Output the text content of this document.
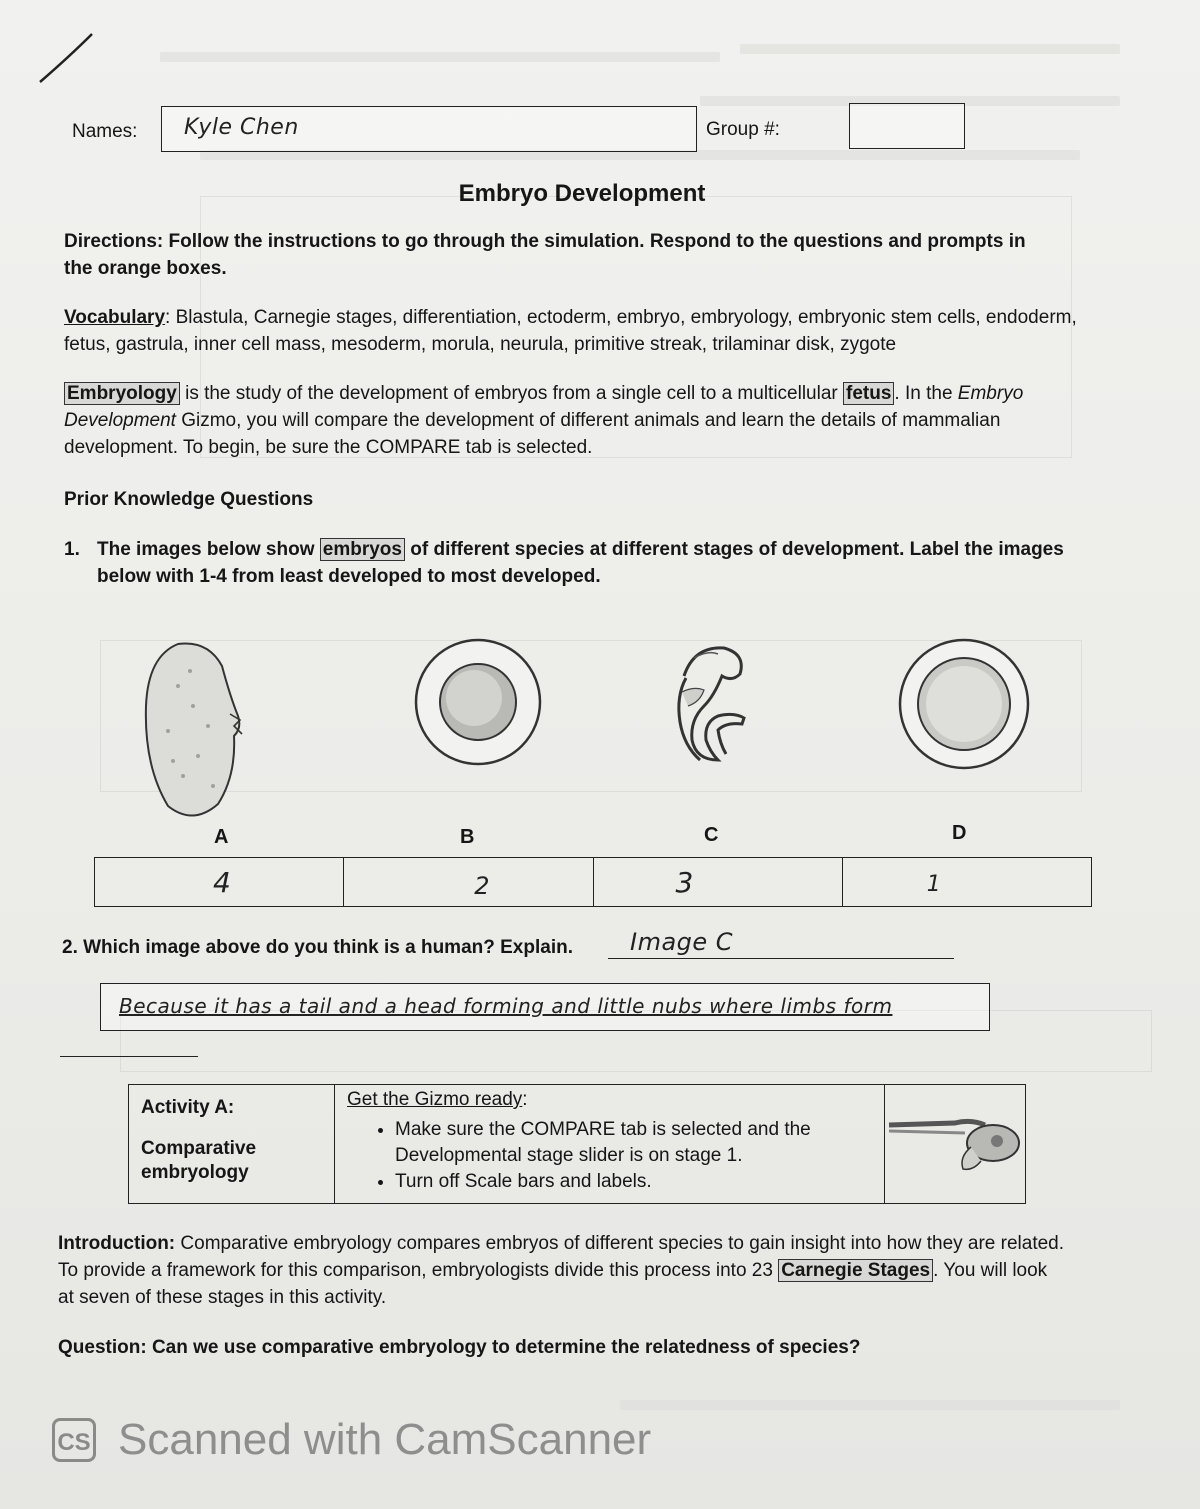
Names: Kyle Chen	Group #:
Embryo Development
Directions: Follow the instructions to go through the simulation. Respond to the questions and prompts in the orange boxes.
Vocabulary: Blastula, Carnegie stages, differentiation, ectoderm, embryo, embryology, embryonic stem cells, endoderm, fetus, gastrula, inner cell mass, mesoderm, morula, neurula, primitive streak, trilaminar disk, zygote
Embryology is the study of the development of embryos from a single cell to a multicellular fetus . In the Embryo Development Gizmo, you will compare the development of different animals and learn the details of mammalian development. To begin, be sure the COMPARE tab is selected.
Prior Knowledge Questions
1. The images below show embryos of different species at different stages of development. Label the images below with 1-4 from least developed to most developed.
A	B	C	D
4	2	3	1
2. Which image above do you think is a human? Explain. Image C
Because it has a tail and a head forming and little nubs where limbs form
Activity A:
Comparative embryology
Get the Gizmo ready:
• Make sure the COMPARE tab is selected and the Developmental stage slider is on stage 1.
• Turn off Scale bars and labels.
Introduction: Comparative embryology compares embryos of different species to gain insight into how they are related. To provide a framework for this comparison, embryologists divide this process into 23 Carnegie Stages . You will look at seven of these stages in this activity.
Question: Can we use comparative embryology to determine the relatedness of species?
CS Scanned with CamScanner
